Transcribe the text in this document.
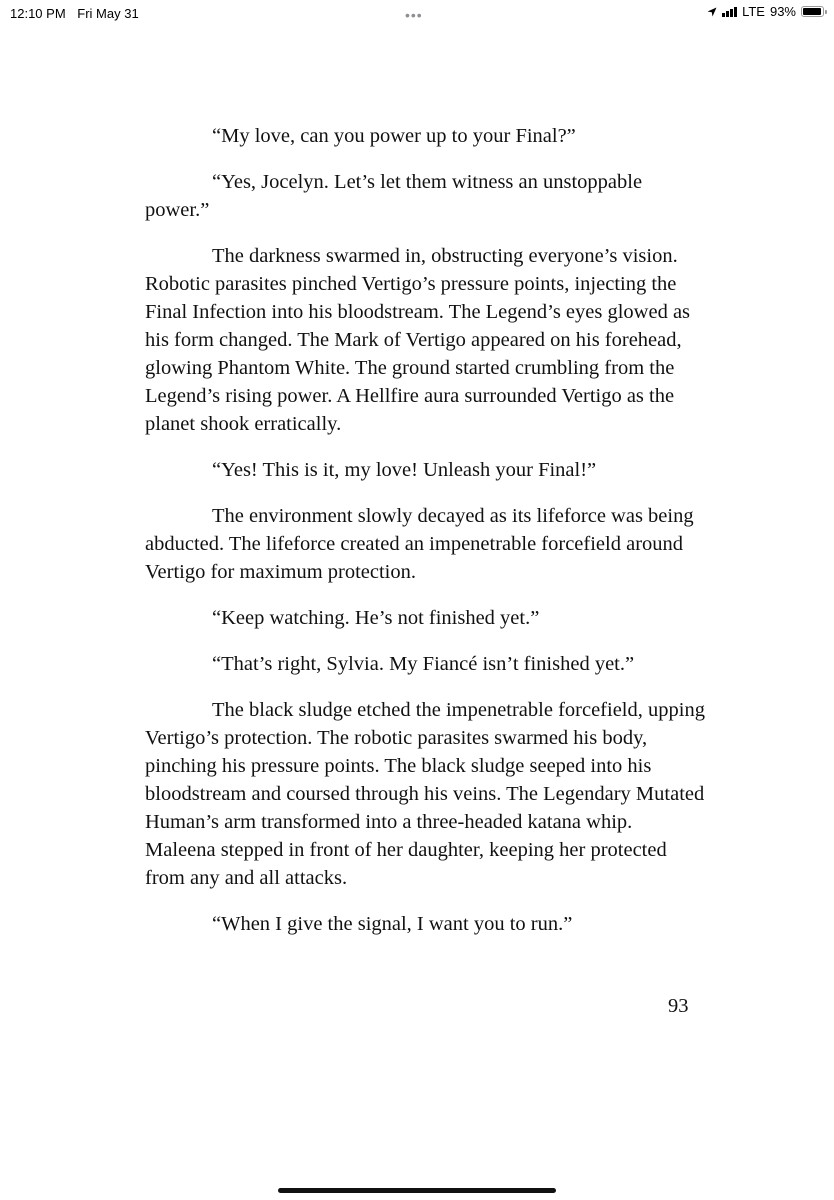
12:10 PM Fri May 31	•••	LTE 93%

“My love, can you power up to your Final?”

“Yes, Jocelyn. Let’s let them witness an unstoppable power.”

The darkness swarmed in, obstructing everyone’s vision. Robotic parasites pinched Vertigo’s pressure points, injecting the Final Infection into his bloodstream. The Legend’s eyes glowed as his form changed. The Mark of Vertigo appeared on his forehead, glowing Phantom White. The ground started crumbling from the Legend’s rising power. A Hellfire aura surrounded Vertigo as the planet shook erratically.

“Yes! This is it, my love! Unleash your Final!”

The environment slowly decayed as its lifeforce was being abducted. The lifeforce created an impenetrable forcefield around Vertigo for maximum protection.

“Keep watching. He’s not finished yet.”

“That’s right, Sylvia. My Fiancé isn’t finished yet.”

The black sludge etched the impenetrable forcefield, upping Vertigo’s protection. The robotic parasites swarmed his body, pinching his pressure points. The black sludge seeped into his bloodstream and coursed through his veins. The Legendary Mutated Human’s arm transformed into a three-headed katana whip. Maleena stepped in front of her daughter, keeping her protected from any and all attacks.

“When I give the signal, I want you to run.”

93
